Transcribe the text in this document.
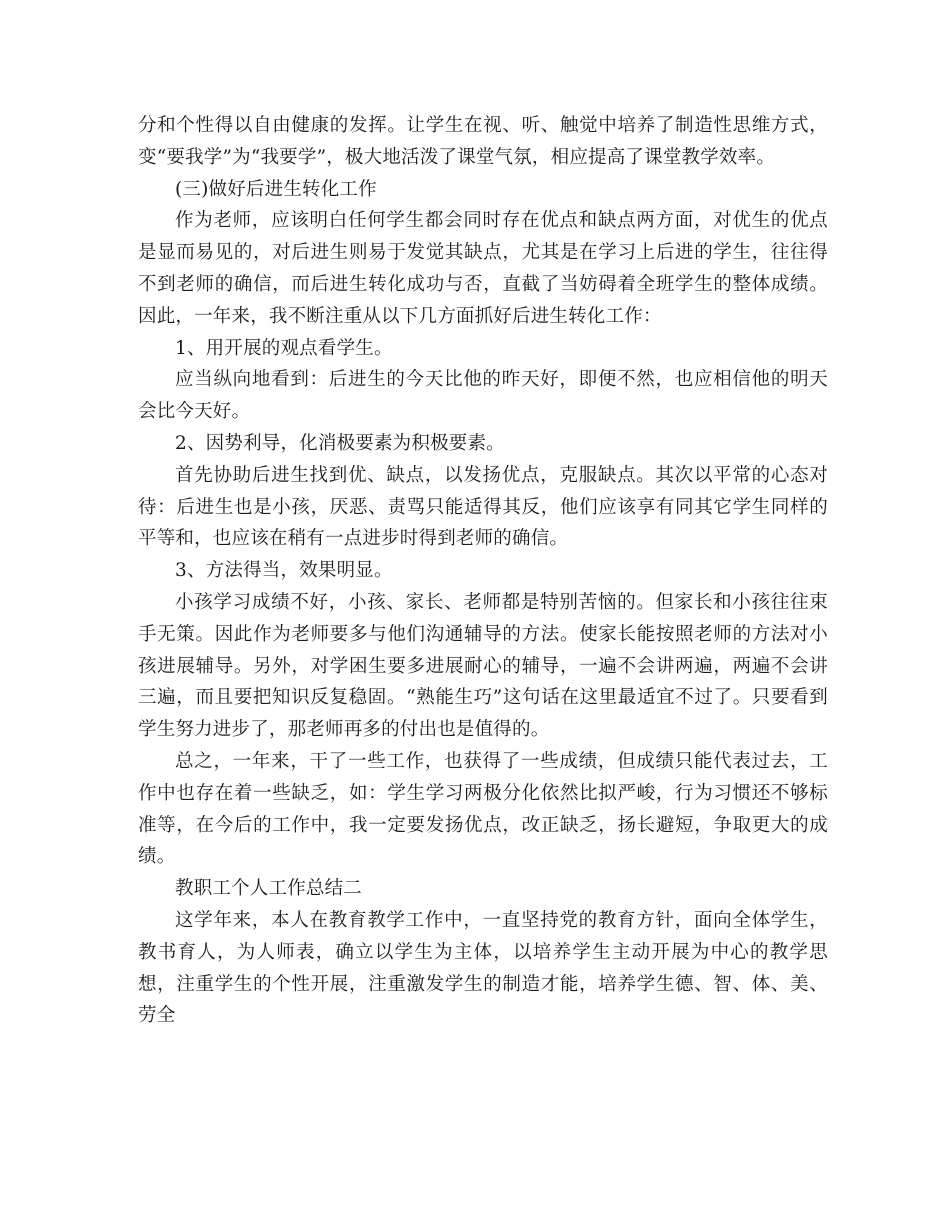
分和个性得以自由健康的发挥。让学生在视、听、触觉中培养了制造性思维方式，变“要我学”为“我要学”，极大地活泼了课堂气氛，相应提高了课堂教学效率。

(三)做好后进生转化工作

作为老师，应该明白任何学生都会同时存在优点和缺点两方面，对优生的优点是显而易见的，对后进生则易于发觉其缺点，尤其是在学习上后进的学生，往往得不到老师的确信，而后进生转化成功与否，直截了当妨碍着全班学生的整体成绩。因此，一年来，我不断注重从以下几方面抓好后进生转化工作：

1、用开展的观点看学生。

应当纵向地看到：后进生的今天比他的昨天好，即便不然，也应相信他的明天会比今天好。

2、因势利导，化消极要素为积极要素。

首先协助后进生找到优、缺点，以发扬优点，克服缺点。其次以平常的心态对待：后进生也是小孩，厌恶、责骂只能适得其反，他们应该享有同其它学生同样的平等和，也应该在稍有一点进步时得到老师的确信。

3、方法得当，效果明显。

小孩学习成绩不好，小孩、家长、老师都是特别苦恼的。但家长和小孩往往束手无策。因此作为老师要多与他们沟通辅导的方法。使家长能按照老师的方法对小孩进展辅导。另外，对学困生要多进展耐心的辅导，一遍不会讲两遍，两遍不会讲三遍，而且要把知识反复稳固。“熟能生巧”这句话在这里最适宜不过了。只要看到学生努力进步了，那老师再多的付出也是值得的。

总之，一年来，干了一些工作，也获得了一些成绩，但成绩只能代表过去，工作中也存在着一些缺乏，如：学生学习两极分化依然比拟严峻，行为习惯还不够标准等，在今后的工作中，我一定要发扬优点，改正缺乏，扬长避短，争取更大的成绩。

教职工个人工作总结二

这学年来，本人在教育教学工作中，一直坚持党的教育方针，面向全体学生，教书育人，为人师表，确立以学生为主体，以培养学生主动开展为中心的教学思想，注重学生的个性开展，注重激发学生的制造才能，培养学生德、智、体、美、劳全
